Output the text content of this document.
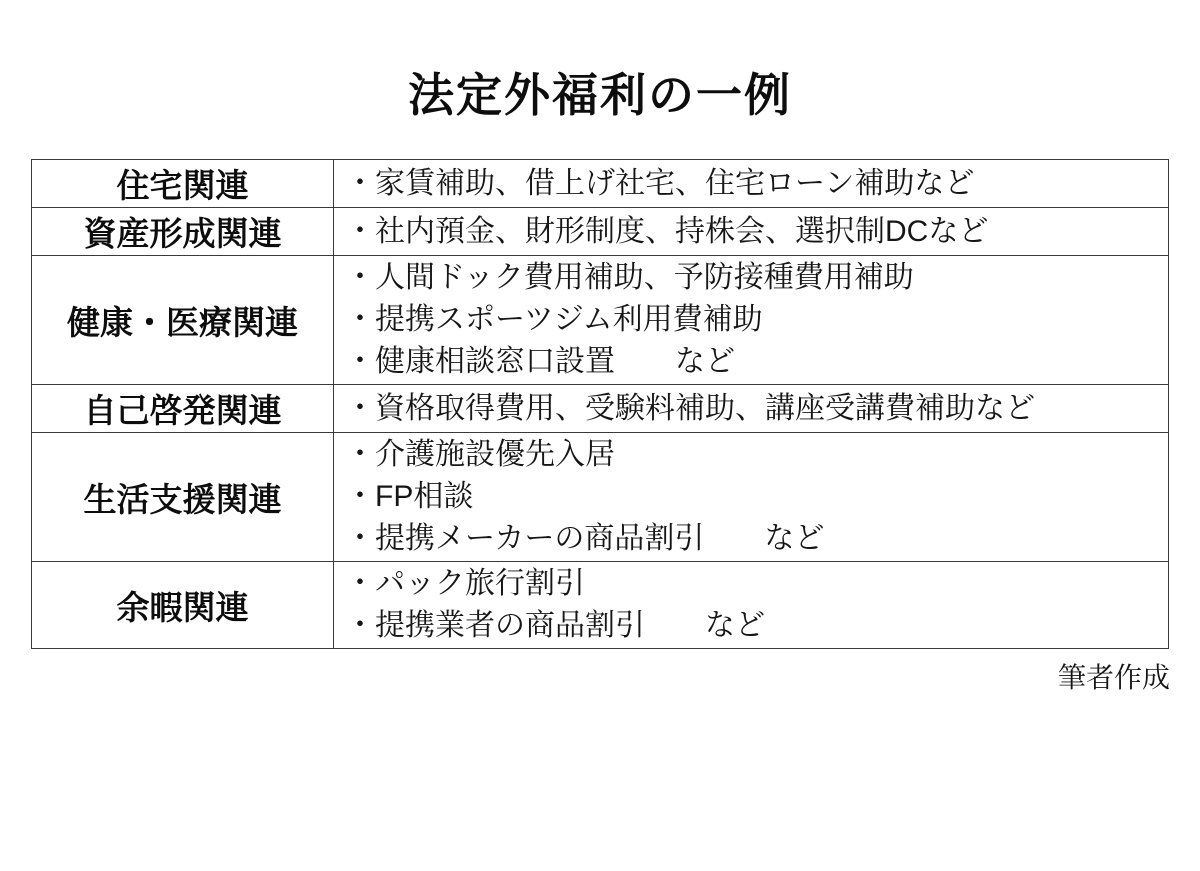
法定外福利の一例
住宅関連	・家賃補助、借上げ社宅、住宅ローン補助など

資産形成関連	・社内預金、財形制度、持株会、選択制DCなど

健康・医療関連	・人間ドック費用補助、予防接種費用補助
・提携スポーツジム利用費補助
・健康相談窓口設置　　など

自己啓発関連	・資格取得費用、受験料補助、講座受講費補助など

生活支援関連	・介護施設優先入居
・FP相談
・提携メーカーの商品割引　　など

余暇関連	・パック旅行割引
・提携業者の商品割引　　など
筆者作成
